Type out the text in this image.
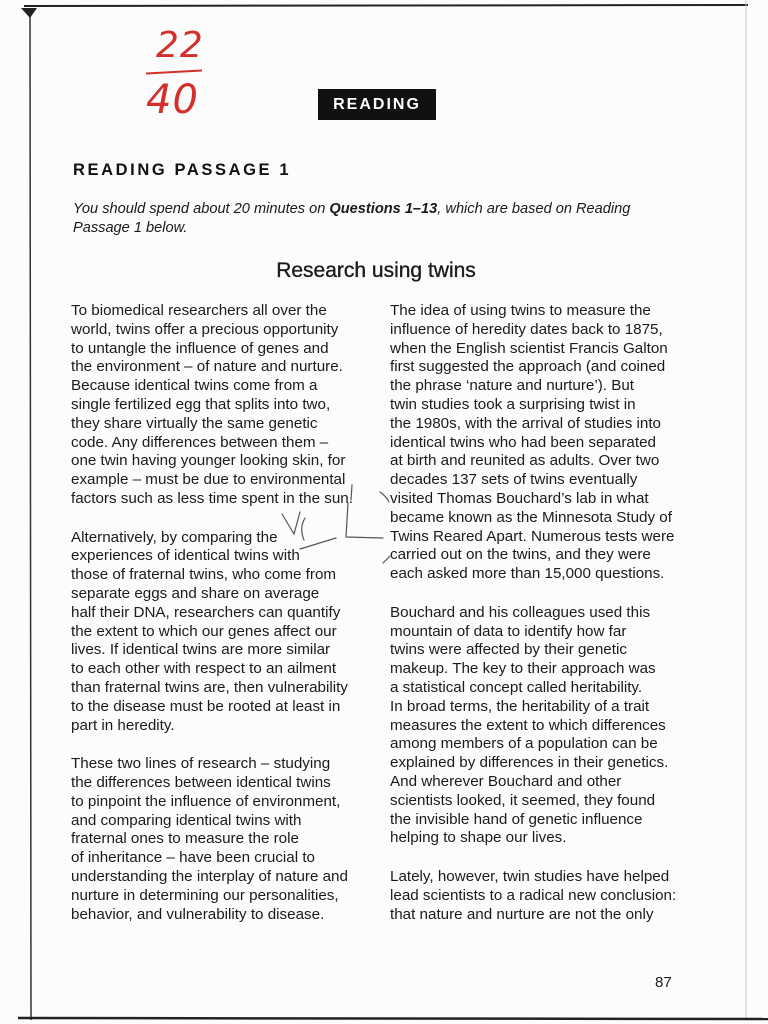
22
40	READING
READING PASSAGE 1
You should spend about 20 minutes on Questions 1–13, which are based on Reading
Passage 1 below.
Research using twins
To biomedical researchers all over the
world, twins offer a precious opportunity
to untangle the influence of genes and
the environment – of nature and nurture.
Because identical twins come from a
single fertilized egg that splits into two,
they share virtually the same genetic
code. Any differences between them –
one twin having younger looking skin, for
example – must be due to environmental
factors such as less time spent in the sun.
Alternatively, by comparing the
experiences of identical twins with
those of fraternal twins, who come from
separate eggs and share on average
half their DNA, researchers can quantify
the extent to which our genes affect our
lives. If identical twins are more similar
to each other with respect to an ailment
than fraternal twins are, then vulnerability
to the disease must be rooted at least in
part in heredity.
These two lines of research – studying
the differences between identical twins
to pinpoint the influence of environment,
and comparing identical twins with
fraternal ones to measure the role
of inheritance – have been crucial to
understanding the interplay of nature and
nurture in determining our personalities,
behavior, and vulnerability to disease.
The idea of using twins to measure the
influence of heredity dates back to 1875,
when the English scientist Francis Galton
first suggested the approach (and coined
the phrase ‘nature and nurture’). But
twin studies took a surprising twist in
the 1980s, with the arrival of studies into
identical twins who had been separated
at birth and reunited as adults. Over two
decades 137 sets of twins eventually
visited Thomas Bouchard’s lab in what
became known as the Minnesota Study of
Twins Reared Apart. Numerous tests were
carried out on the twins, and they were
each asked more than 15,000 questions.
Bouchard and his colleagues used this
mountain of data to identify how far
twins were affected by their genetic
makeup. The key to their approach was
a statistical concept called heritability.
In broad terms, the heritability of a trait
measures the extent to which differences
among members of a population can be
explained by differences in their genetics.
And wherever Bouchard and other
scientists looked, it seemed, they found
the invisible hand of genetic influence
helping to shape our lives.
Lately, however, twin studies have helped
lead scientists to a radical new conclusion:
that nature and nurture are not the only
87
